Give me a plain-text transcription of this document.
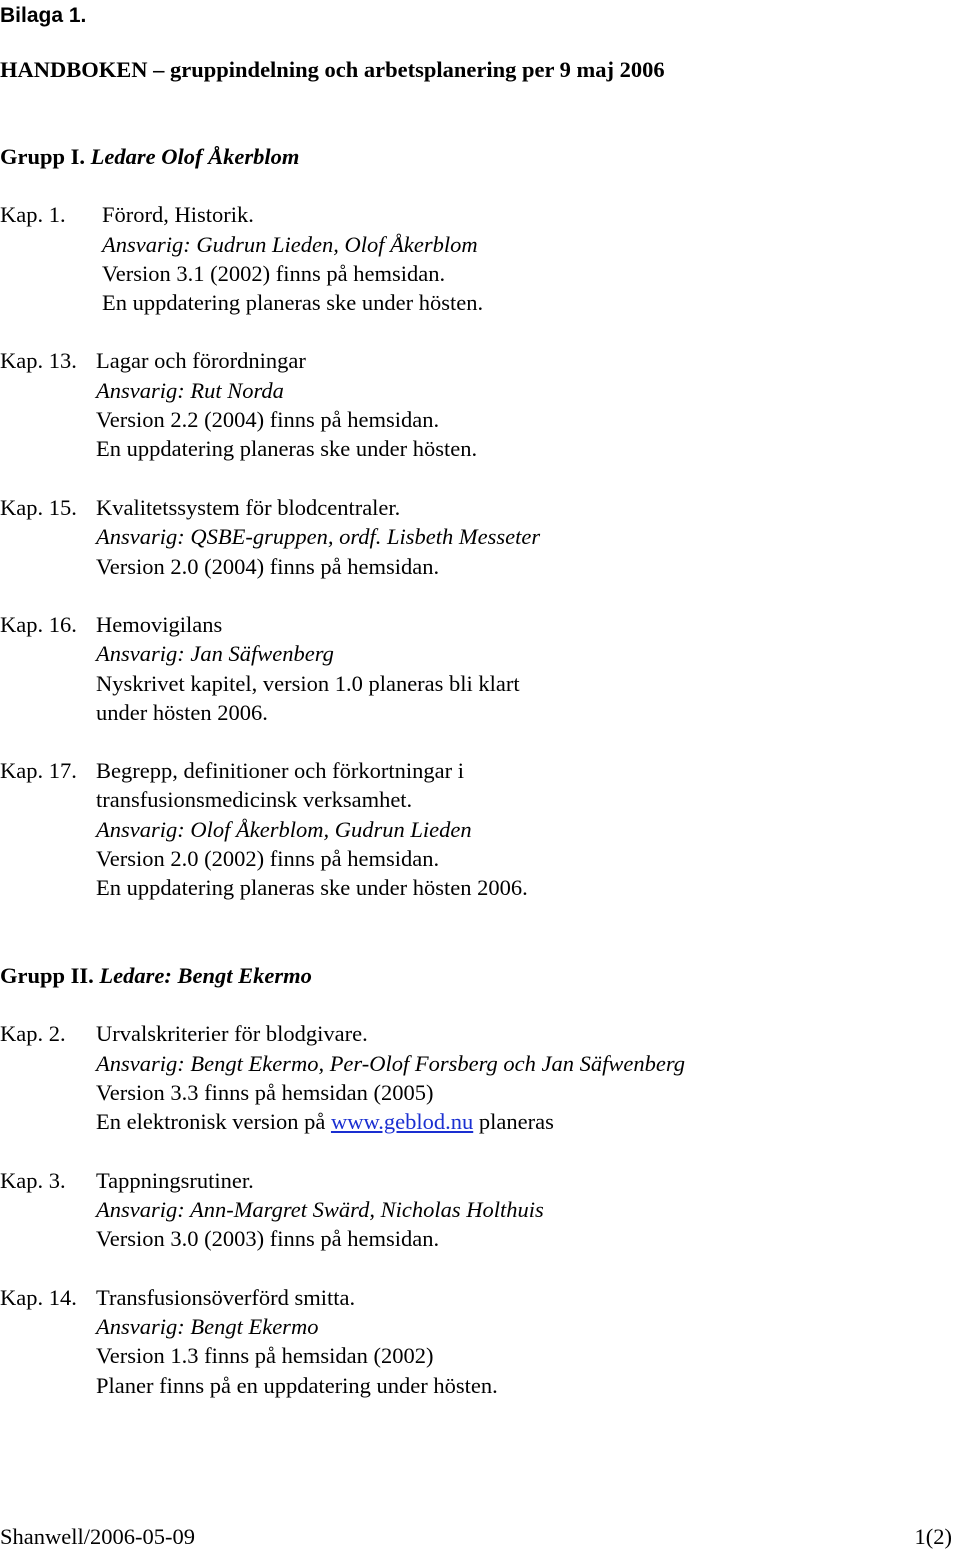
Bilaga 1.
HANDBOKEN – gruppindelning och arbetsplanering per 9 maj 2006
Grupp I. Ledare Olof Åkerblom
Kap. 1. Förord, Historik.
Ansvarig: Gudrun Lieden, Olof Åkerblom
Version 3.1 (2002) finns på hemsidan.
En uppdatering planeras ske under hösten.
Kap. 13. Lagar och förordningar
Ansvarig: Rut Norda
Version 2.2 (2004) finns på hemsidan.
En uppdatering planeras ske under hösten.
Kap. 15. Kvalitetssystem för blodcentraler.
Ansvarig: QSBE-gruppen, ordf. Lisbeth Messeter
Version 2.0 (2004) finns på hemsidan.
Kap. 16. Hemovigilans
Ansvarig: Jan Säfwenberg
Nyskrivet kapitel, version 1.0 planeras bli klart
under hösten 2006.
Kap. 17. Begrepp, definitioner och förkortningar i
transfusionsmedicinsk verksamhet.
Ansvarig: Olof Åkerblom, Gudrun Lieden
Version 2.0 (2002) finns på hemsidan.
En uppdatering planeras ske under hösten 2006.
Grupp II. Ledare: Bengt Ekermo
Kap. 2. Urvalskriterier för blodgivare.
Ansvarig: Bengt Ekermo, Per-Olof Forsberg och Jan Säfwenberg
Version 3.3 finns på hemsidan (2005)
En elektronisk version på www.geblod.nu planeras
Kap. 3. Tappningsrutiner.
Ansvarig: Ann-Margret Swärd, Nicholas Holthuis
Version 3.0 (2003) finns på hemsidan.
Kap. 14. Transfusionsöverförd smitta.
Ansvarig: Bengt Ekermo
Version 1.3 finns på hemsidan (2002)
Planer finns på en uppdatering under hösten.
Shanwell/2006-05-09	1(2)
